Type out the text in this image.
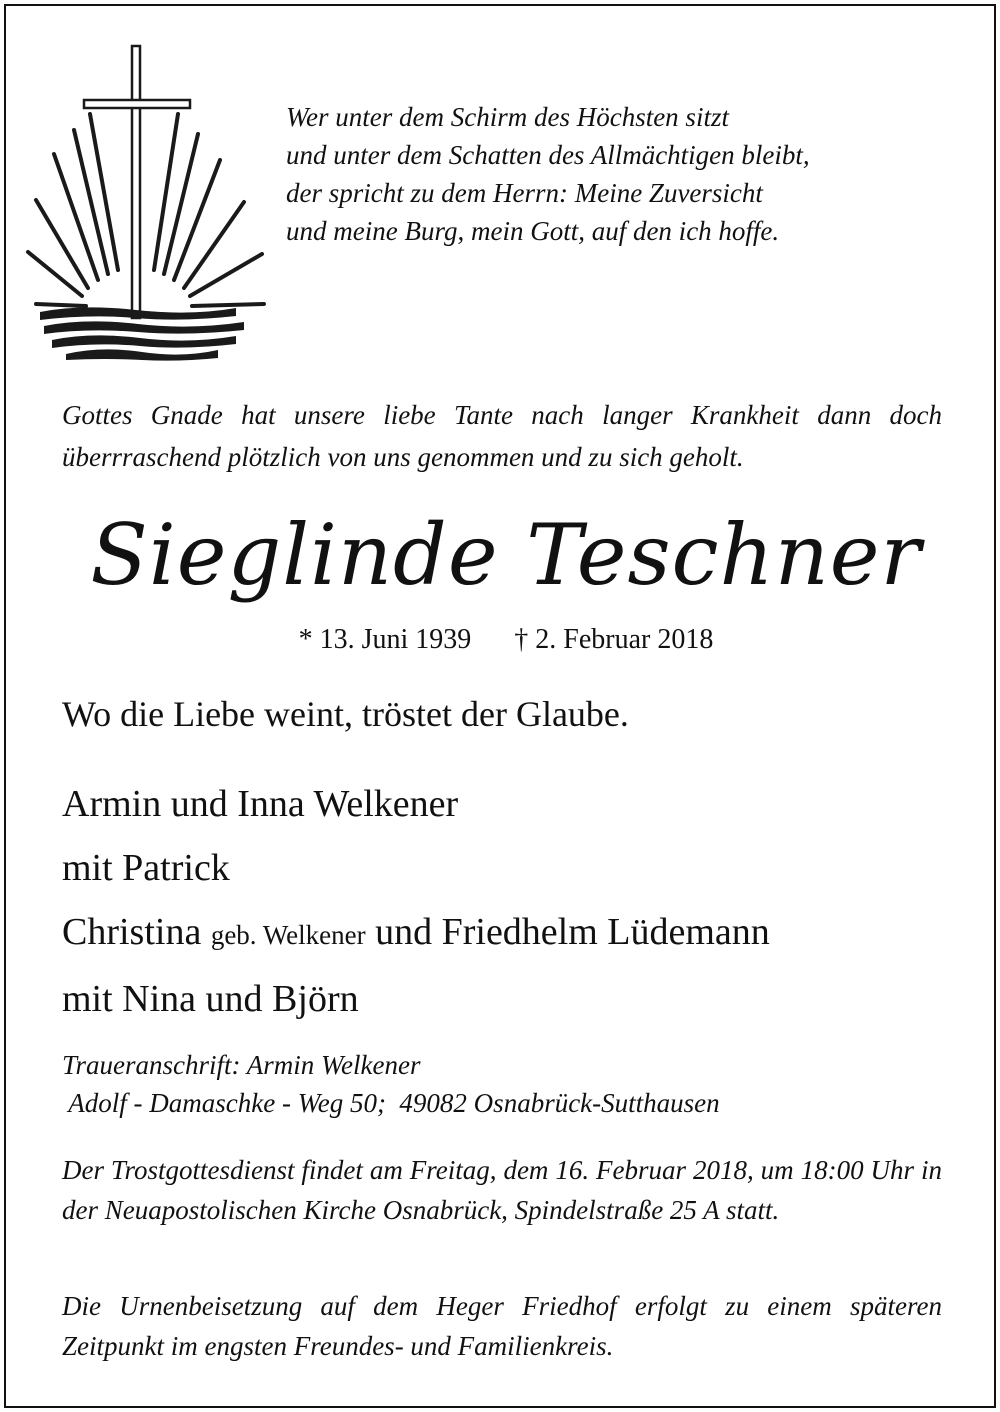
Wer unter dem Schirm des Höchsten sitzt
und unter dem Schatten des Allmächtigen bleibt,
der spricht zu dem Herrn: Meine Zuversicht
und meine Burg, mein Gott, auf den ich hoffe.

Gottes Gnade hat unsere liebe Tante nach langer Krankheit dann doch überrraschend plötzlich von uns genommen und zu sich geholt.

Sieglinde Teschner
* 13. Juni 1939 † 2. Februar 2018
Wo die Liebe weint, tröstet der Glaube.
Armin und Inna Welkener
mit Patrick
Christina geb. Welkener und Friedhelm Lüdemann
mit Nina und Björn
Traueranschrift: Armin Welkener
Adolf - Damaschke - Weg 50;  49082 Osnabrück-Sutthausen

Der Trostgottesdienst findet am Freitag, dem 16. Februar 2018, um 18:00 Uhr in der Neuapostolischen Kirche Osnabrück, Spindelstraße 25 A statt.

Die Urnenbeisetzung auf dem Heger Friedhof erfolgt zu einem späteren Zeitpunkt im engsten Freundes- und Familienkreis.
